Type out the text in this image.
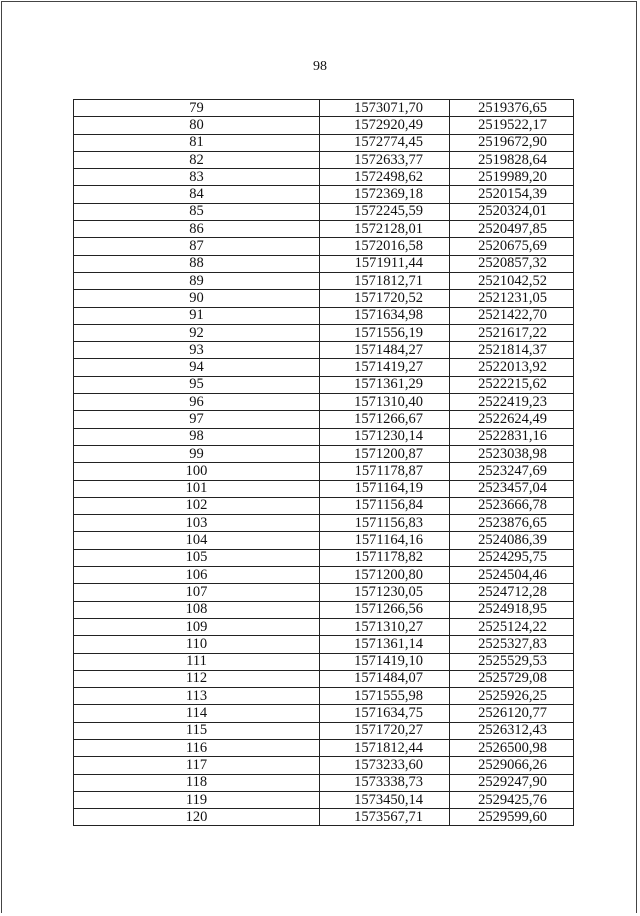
98
79	1573071,70	2519376,65
80	1572920,49	2519522,17
81	1572774,45	2519672,90
82	1572633,77	2519828,64
83	1572498,62	2519989,20
84	1572369,18	2520154,39
85	1572245,59	2520324,01
86	1572128,01	2520497,85
87	1572016,58	2520675,69
88	1571911,44	2520857,32
89	1571812,71	2521042,52
90	1571720,52	2521231,05
91	1571634,98	2521422,70
92	1571556,19	2521617,22
93	1571484,27	2521814,37
94	1571419,27	2522013,92
95	1571361,29	2522215,62
96	1571310,40	2522419,23
97	1571266,67	2522624,49
98	1571230,14	2522831,16
99	1571200,87	2523038,98
100	1571178,87	2523247,69
101	1571164,19	2523457,04
102	1571156,84	2523666,78
103	1571156,83	2523876,65
104	1571164,16	2524086,39
105	1571178,82	2524295,75
106	1571200,80	2524504,46
107	1571230,05	2524712,28
108	1571266,56	2524918,95
109	1571310,27	2525124,22
110	1571361,14	2525327,83
111	1571419,10	2525529,53
112	1571484,07	2525729,08
113	1571555,98	2525926,25
114	1571634,75	2526120,77
115	1571720,27	2526312,43
116	1571812,44	2526500,98
117	1573233,60	2529066,26
118	1573338,73	2529247,90
119	1573450,14	2529425,76
120	1573567,71	2529599,60
